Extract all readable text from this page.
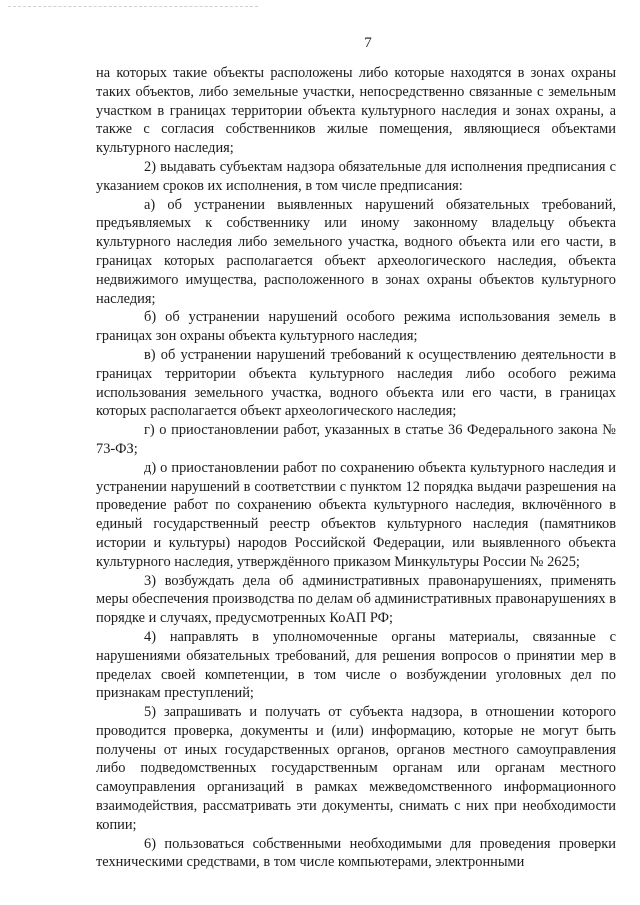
7

на которых такие объекты расположены либо которые находятся в зонах охраны таких объектов, либо земельные участки, непосредственно связанные с земельным участком в границах территории объекта культурного наследия и зонах охраны, а также с согласия собственников жилые помещения, являющиеся объектами культурного наследия;

2) выдавать субъектам надзора обязательные для исполнения предписания с указанием сроков их исполнения, в том числе предписания:

а) об устранении выявленных нарушений обязательных требований, предъявляемых к собственнику или иному законному владельцу объекта культурного наследия либо земельного участка, водного объекта или его части, в границах которых располагается объект археологического наследия, объекта недвижимого имущества, расположенного в зонах охраны объектов культурного наследия;

б) об устранении нарушений особого режима использования земель в границах зон охраны объекта культурного наследия;

в) об устранении нарушений требований к осуществлению деятельности в границах территории объекта культурного наследия либо особого режима использования земельного участка, водного объекта или его части, в границах которых располагается объект археологического наследия;

г) о приостановлении работ, указанных в статье 36 Федерального закона № 73-ФЗ;

д) о приостановлении работ по сохранению объекта культурного наследия и устранении нарушений в соответствии с пунктом 12 порядка выдачи разрешения на проведение работ по сохранению объекта культурного наследия, включённого в единый государственный реестр объектов культурного наследия (памятников истории и культуры) народов Российской Федерации, или выявленного объекта культурного наследия, утверждённого приказом Минкультуры России № 2625;

3) возбуждать дела об административных правонарушениях, применять меры обеспечения производства по делам об административных правонарушениях в порядке и случаях, предусмотренных КоАП РФ;

4) направлять в уполномоченные органы материалы, связанные с нарушениями обязательных требований, для решения вопросов о принятии мер в пределах своей компетенции, в том числе о возбуждении уголовных дел по признакам преступлений;

5) запрашивать и получать от субъекта надзора, в отношении которого проводится проверка, документы и (или) информацию, которые не могут быть получены от иных государственных органов, органов местного самоуправления либо подведомственных государственным органам или органам местного самоуправления организаций в рамках межведомственного информационного взаимодействия, рассматривать эти документы, снимать с них при необходимости копии;

6) пользоваться собственными необходимыми для проведения проверки техническими средствами, в том числе компьютерами, электронными
